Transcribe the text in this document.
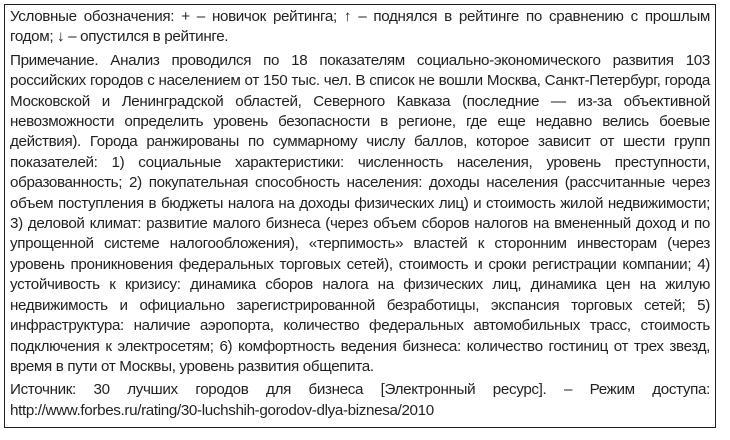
Условные обозначения: + – новичок рейтинга; ↑ – поднялся в рейтинге по сравнению с прошлым годом; ↓ – опустился в рейтинге.

Примечание. Анализ проводился по 18 показателям социально-экономического развития 103 российских городов с населением от 150 тыс. чел. В список не вошли Москва, Санкт-Петербург, города Московской и Ленинградской областей, Северного Кавказа (последние — из-за объективной невозможности определить уровень безопасности в регионе, где еще недавно велись боевые действия). Города ранжированы по суммарному числу баллов, которое зависит от шести групп показателей: 1) социальные характеристики: численность населения, уровень преступности, образованность; 2) покупательная способность населения: доходы населения (рассчитанные через объем поступления в бюджеты налога на доходы физических лиц) и стоимость жилой недвижимости; 3) деловой климат: развитие малого бизнеса (через объем сборов налогов на вмененный доход и по упрощенной системе налогообложения), «терпимость» властей к сторонним инвесторам (через уровень проникновения федеральных торговых сетей), стоимость и сроки регистрации компании; 4) устойчивость к кризису: динамика сборов налога на физических лиц, динамика цен на жилую недвижимость и официально зарегистрированной безработицы, экспансия торговых сетей; 5) инфраструктура: наличие аэропорта, количество федеральных автомобильных трасс, стоимость подключения к электросетям; 6) комфортность ведения бизнеса: количество гостиниц от трех звезд, время в пути от Москвы, уровень развития общепита.

Источник: 30 лучших городов для бизнеса [Электронный ресурс]. – Режим доступа: http://www.forbes.ru/rating/30-luchshih-gorodov-dlya-biznesa/2010
